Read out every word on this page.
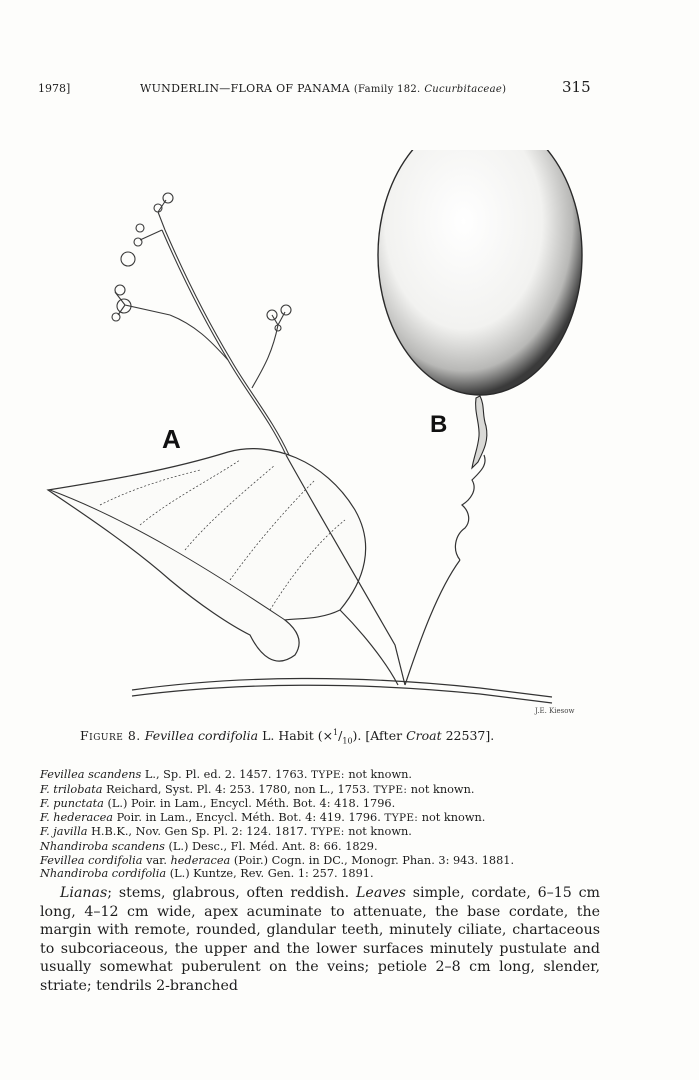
1978]	WUNDERLIN—FLORA OF PANAMA (Family 182. Cucurbitaceae)	315
A	B
J.E. Kiesow
Figure 8. Fevillea cordifolia L. Habit $(\times^1/_{10})$. [After Croat 22537].
Fevillea scandens L., Sp. Pl. ed. 2. 1457. 1763. TYPE: not known.
F. trilobata Reichard, Syst. Pl. 4: 253. 1780, non L., 1753. TYPE: not known.
F. punctata (L.) Poir. in Lam., Encycl. Méth. Bot. 4: 418. 1796.
F. hederacea Poir. in Lam., Encycl. Méth. Bot. 4: 419. 1796. TYPE: not known.
F. javilla H.B.K., Nov. Gen Sp. Pl. 2: 124. 1817. TYPE: not known.
Nhandiroba scandens (L.) Desc., Fl. Méd. Ant. 8: 66. 1829.
Fevillea cordifolia var. hederacea (Poir.) Cogn. in DC., Monogr. Phan. 3: 943. 1881.
Nhandiroba cordifolia (L.) Kuntze, Rev. Gen. 1: 257. 1891.

Lianas; stems, glabrous, often reddish. Leaves simple, cordate, 6–15 cm long, 4–12 cm wide, apex acuminate to attenuate, the base cordate, the margin with remote, rounded, glandular teeth, minutely ciliate, chartaceous to subcoriaceous, the upper and the lower surfaces minutely pustulate and usually somewhat puberulent on the veins; petiole 2–8 cm long, slender, striate; tendrils 2-branched
